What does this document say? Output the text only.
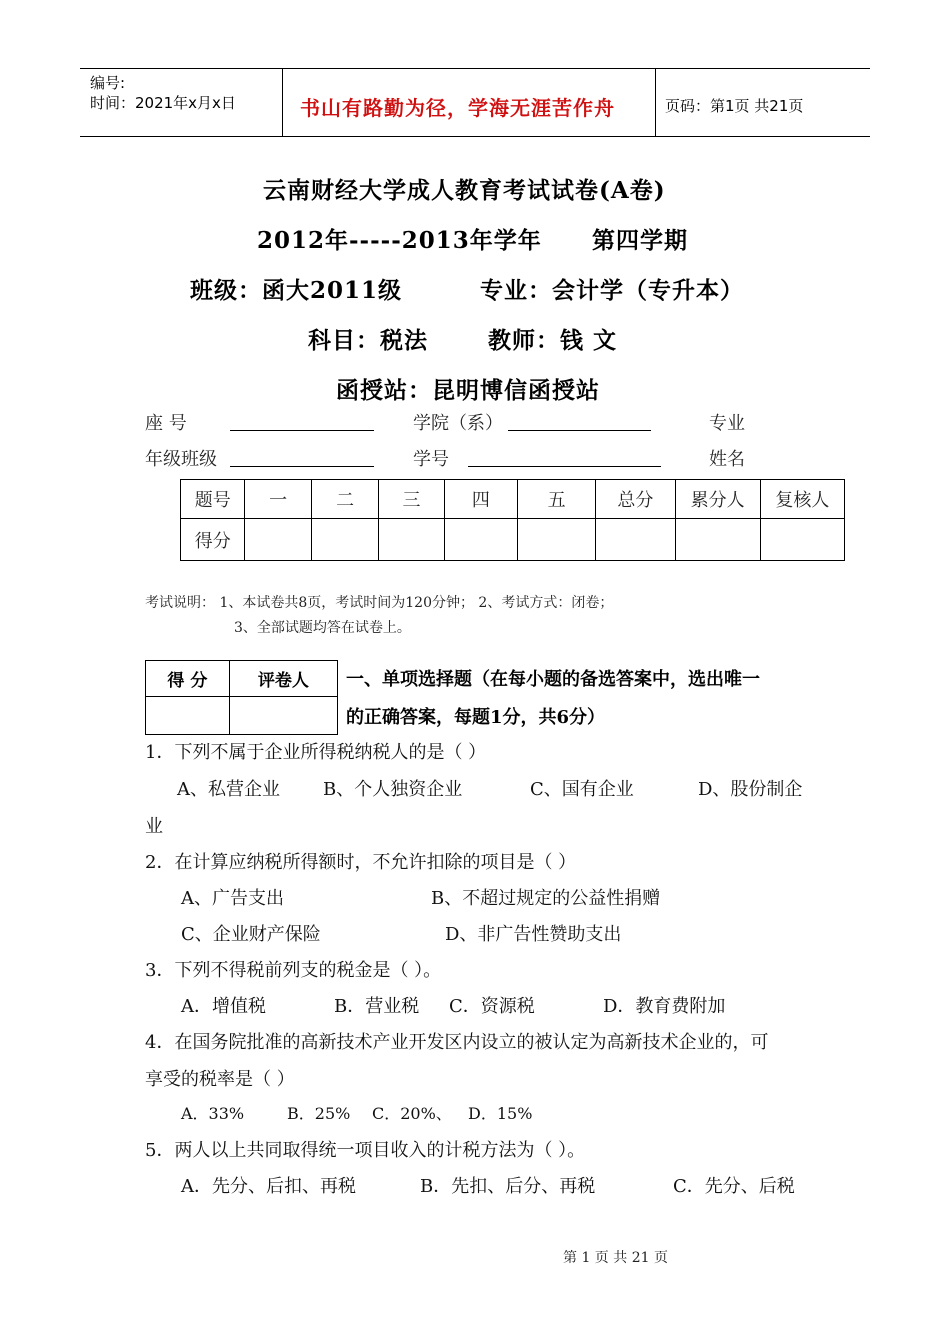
编号:
时间：2021年x月x日	书山有路勤为径，学海无涯苦作舟	页码：第1页 共21页
云南财经大学成人教育考试试卷(A卷)
2012年-----2013年学年 第四学期
班级：函大2011级	专业：会计学（专升本）
科目：税法	教师：钱 文
函授站：昆明博信函授站
座 号	学院（系）	专业
年级班级	学号	姓名
题号	一	二	三	四	五	总分	累分人	复核人
得分								
考试说明： 1、本试卷共8页，考试时间为120分钟； 2、考试方式：闭卷；
3、全部试题均答在试卷上。
得 分	评卷人
	一、单项选择题（在每小题的备选答案中，选出唯一
的正确答案，每题1分，共6分）
1．下列不属于企业所得税纳税人的是（ ）
A、私营企业 B、个人独资企业	C、国有企业	D、股份制企
业
2．在计算应纳税所得额时，不允许扣除的项目是（ ）
A、广告支出	B、不超过规定的公益性捐赠
C、企业财产保险	D、非广告性赞助支出
3．下列不得税前列支的税金是（ ）。
A．增值税	B．营业税 C．资源税	D．教育费附加
4．在国务院批准的高新技术产业开发区内设立的被认定为高新技术企业的，可
享受的税率是（ ）
A．33%	B．25% C．20%、 D．15%
5．两人以上共同取得统一项目收入的计税方法为（ ）。
A．先分、后扣、再税	B．先扣、后分、再税	C．先分、后税
第 1 页 共 21 页
